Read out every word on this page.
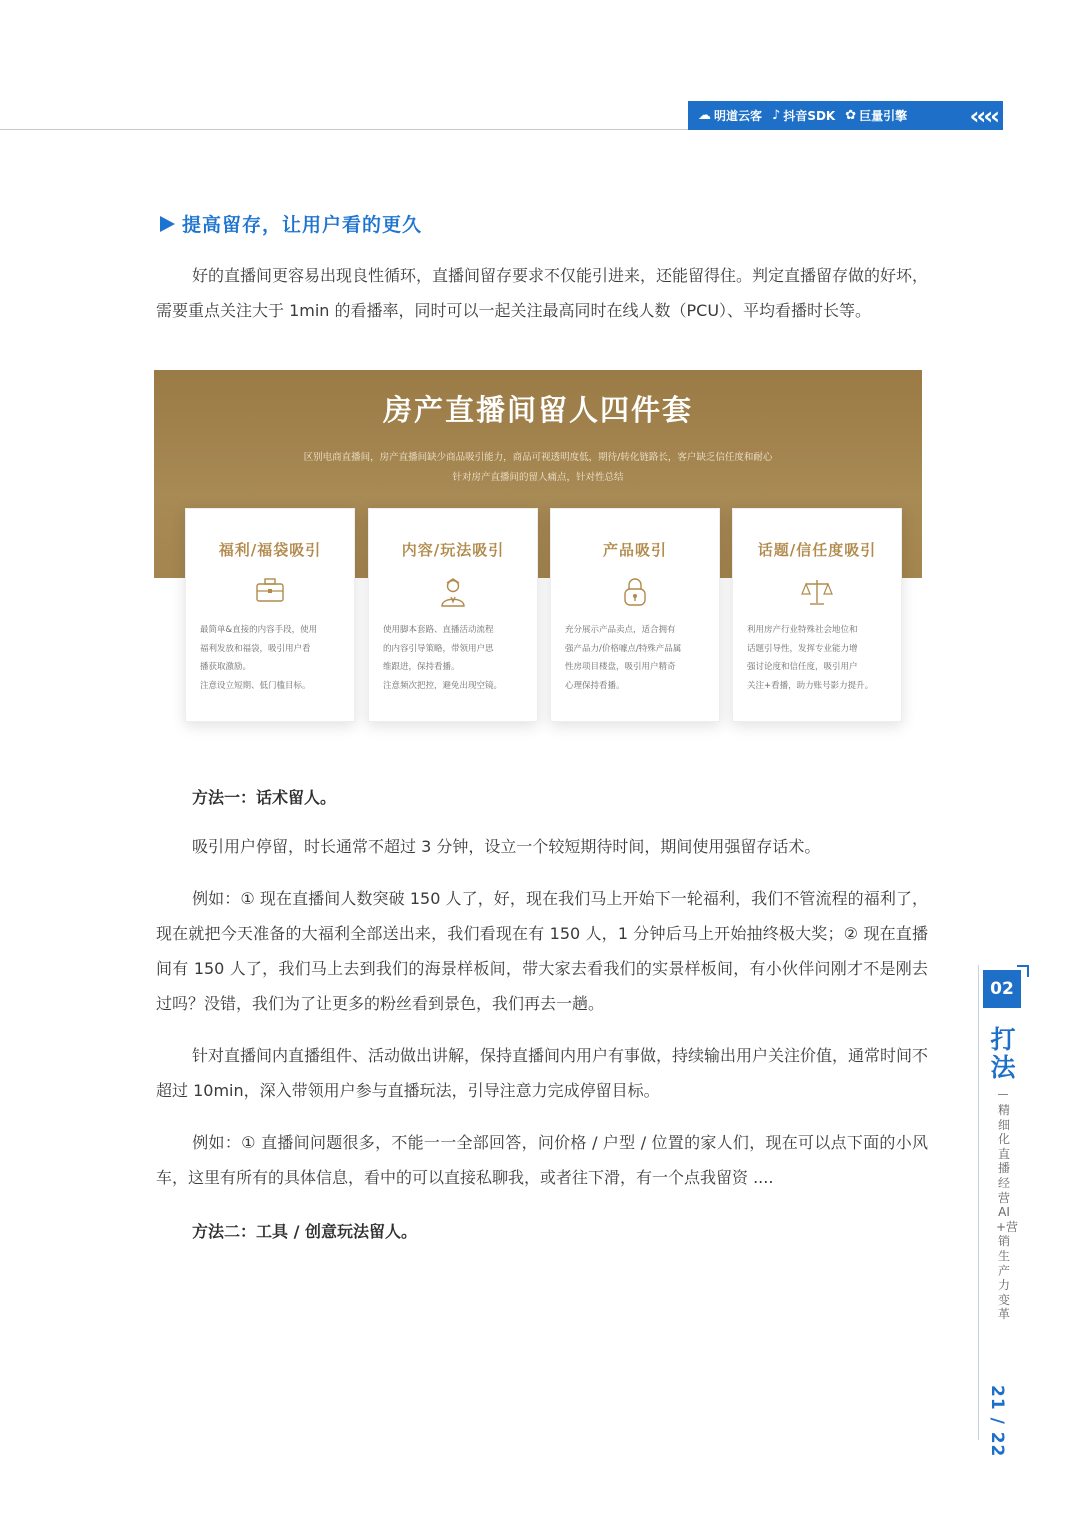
☁ 明道云客 ♪ 抖音SDK ✿ 巨量引擎	‹‹‹‹
提高留存，让用户看的更久
好的直播间更容易出现良性循环，直播间留存要求不仅能引进来，还能留得住。判定直播留存做的好坏，需要重点关注大于 1min 的看播率，同时可以一起关注最高同时在线人数（PCU）、平均看播时长等。
房产直播间留人四件套
区别电商直播间，房产直播间缺少商品吸引能力，商品可视透明度低，期待/转化链路长，客户缺乏信任度和耐心
针对房产直播间的留人痛点，针对性总结
福利/福袋吸引
最简单&直接的内容手段，使用
福利发放和福袋，吸引用户看
播获取激励。
注意设立短期、低门槛目标。
内容/玩法吸引
使用脚本套路、直播活动流程
的内容引导策略，带领用户思
维跟进，保持看播。
注意频次把控，避免出现空镜。
产品吸引
充分展示产品卖点，适合拥有
强产品力/价格噱点/特殊产品属
性房项目楼盘，吸引用户精奇
心理保持看播。
话题/信任度吸引
利用房产行业特殊社会地位和
话题引导性，发挥专业能力增
强讨论度和信任度，吸引用户
关注+看播，助力账号影力提升。
方法一：话术留人。
吸引用户停留，时长通常不超过 3 分钟，设立一个较短期待时间，期间使用强留存话术。
例如：① 现在直播间人数突破 150 人了，好，现在我们马上开始下一轮福利，我们不管流程的福利了，现在就把今天准备的大福利全部送出来，我们看现在有 150 人，1 分钟后马上开始抽终极大奖；② 现在直播间有 150 人了，我们马上去到我们的海景样板间，带大家去看我们的实景样板间，有小伙伴问刚才不是刚去过吗？没错，我们为了让更多的粉丝看到景色，我们再去一趟。
针对直播间内直播组件、活动做出讲解，保持直播间内用户有事做，持续输出用户关注价值，通常时间不超过 10min，深入带领用户参与直播玩法，引导注意力完成停留目标。
例如：① 直播间问题很多，不能一一全部回答，问价格 / 户型 / 位置的家人们，现在可以点下面的小风车，这里有所有的具体信息，看中的可以直接私聊我，或者往下滑，有一个点我留资 ....
方法二：工具 / 创意玩法留人。
02
打法
精细化直播经营AI+营销生产力变革
21 / 22
